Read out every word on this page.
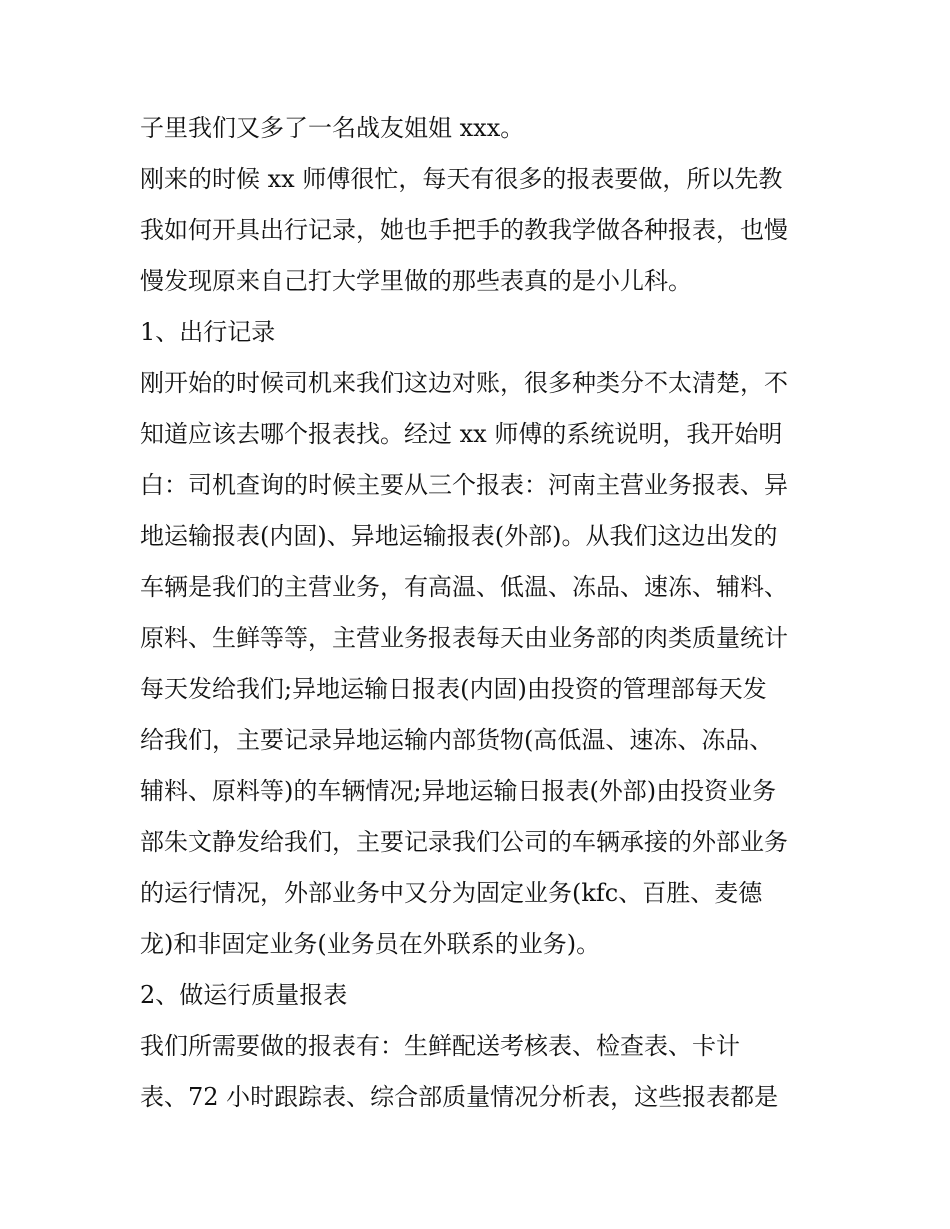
子里我们又多了一名战友姐姐 xxx。
刚来的时候 xx 师傅很忙，每天有很多的报表要做，所以先教
我如何开具出行记录，她也手把手的教我学做各种报表，也慢
慢发现原来自己打大学里做的那些表真的是小儿科。
1、出行记录
刚开始的时候司机来我们这边对账，很多种类分不太清楚，不
知道应该去哪个报表找。经过 xx 师傅的系统说明，我开始明
白：司机查询的时候主要从三个报表：河南主营业务报表、异
地运输报表(内固)、异地运输报表(外部)。从我们这边出发的
车辆是我们的主营业务，有高温、低温、冻品、速冻、辅料、
原料、生鲜等等，主营业务报表每天由业务部的肉类质量统计
每天发给我们;异地运输日报表(内固)由投资的管理部每天发
给我们，主要记录异地运输内部货物(高低温、速冻、冻品、
辅料、原料等)的车辆情况;异地运输日报表(外部)由投资业务
部朱文静发给我们，主要记录我们公司的车辆承接的外部业务
的运行情况，外部业务中又分为固定业务(kfc、百胜、麦德
龙)和非固定业务(业务员在外联系的业务)。
2、做运行质量报表
我们所需要做的报表有：生鲜配送考核表、检查表、卡计
表、72 小时跟踪表、综合部质量情况分析表，这些报表都是
